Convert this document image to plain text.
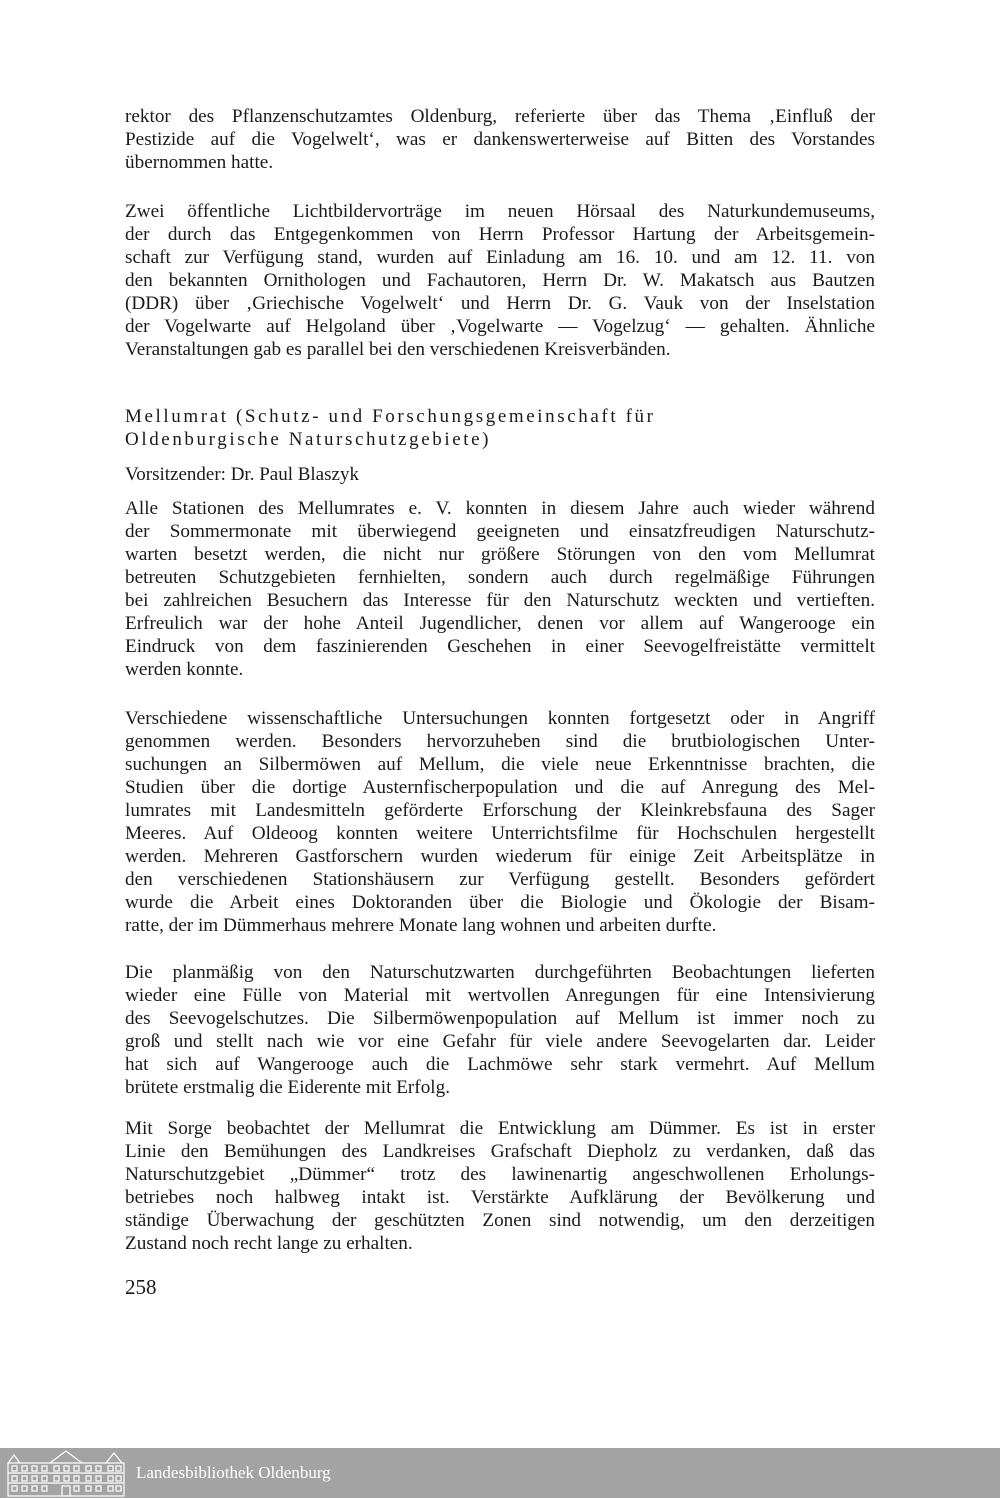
rektor des Pflanzenschutzamtes Oldenburg, referierte über das Thema ‚Einfluß der
Pestizide auf die Vogelwelt‘, was er dankenswerterweise auf Bitten des Vorstandes
übernommen hatte.

Zwei öffentliche Lichtbildervorträge im neuen Hörsaal des Naturkundemuseums,
der durch das Entgegenkommen von Herrn Professor Hartung der Arbeitsgemein-
schaft zur Verfügung stand, wurden auf Einladung am 16. 10. und am 12. 11. von
den bekannten Ornithologen und Fachautoren, Herrn Dr. W. Makatsch aus Bautzen
(DDR) über ‚Griechische Vogelwelt‘ und Herrn Dr. G. Vauk von der Inselstation
der Vogelwarte auf Helgoland über ‚Vogelwarte — Vogelzug‘ — gehalten. Ähnliche
Veranstaltungen gab es parallel bei den verschiedenen Kreisverbänden.

Mellumrat (Schutz- und Forschungsgemeinschaft für

Oldenburgische Naturschutzgebiete)

Vorsitzender: Dr. Paul Blaszyk

Alle Stationen des Mellumrates e. V. konnten in diesem Jahre auch wieder während
der Sommermonate mit überwiegend geeigneten und einsatzfreudigen Naturschutz-
warten besetzt werden, die nicht nur größere Störungen von den vom Mellumrat
betreuten Schutzgebieten fernhielten, sondern auch durch regelmäßige Führungen
bei zahlreichen Besuchern das Interesse für den Naturschutz weckten und vertieften.
Erfreulich war der hohe Anteil Jugendlicher, denen vor allem auf Wangerooge ein
Eindruck von dem faszinierenden Geschehen in einer Seevogelfreistätte vermittelt
werden konnte.

Verschiedene wissenschaftliche Untersuchungen konnten fortgesetzt oder in Angriff
genommen werden. Besonders hervorzuheben sind die brutbiologischen Unter-
suchungen an Silbermöwen auf Mellum, die viele neue Erkenntnisse brachten, die
Studien über die dortige Austernfischerpopulation und die auf Anregung des Mel-
lumrates mit Landesmitteln geförderte Erforschung der Kleinkrebsfauna des Sager
Meeres. Auf Oldeoog konnten weitere Unterrichtsfilme für Hochschulen hergestellt
werden. Mehreren Gastforschern wurden wiederum für einige Zeit Arbeitsplätze in
den verschiedenen Stationshäusern zur Verfügung gestellt. Besonders gefördert
wurde die Arbeit eines Doktoranden über die Biologie und Ökologie der Bisam-
ratte, der im Dümmerhaus mehrere Monate lang wohnen und arbeiten durfte.

Die planmäßig von den Naturschutzwarten durchgeführten Beobachtungen lieferten
wieder eine Fülle von Material mit wertvollen Anregungen für eine Intensivierung
des Seevogelschutzes. Die Silbermöwenpopulation auf Mellum ist immer noch zu
groß und stellt nach wie vor eine Gefahr für viele andere Seevogelarten dar. Leider
hat sich auf Wangerooge auch die Lachmöwe sehr stark vermehrt. Auf Mellum
brütete erstmalig die Eiderente mit Erfolg.

Mit Sorge beobachtet der Mellumrat die Entwicklung am Dümmer. Es ist in erster
Linie den Bemühungen des Landkreises Grafschaft Diepholz zu verdanken, daß das
Naturschutzgebiet „Dümmer“ trotz des lawinenartig angeschwollenen Erholungs-
betriebes noch halbweg intakt ist. Verstärkte Aufklärung der Bevölkerung und
ständige Überwachung der geschützten Zonen sind notwendig, um den derzeitigen
Zustand noch recht lange zu erhalten.

258
Landesbibliothek Oldenburg
